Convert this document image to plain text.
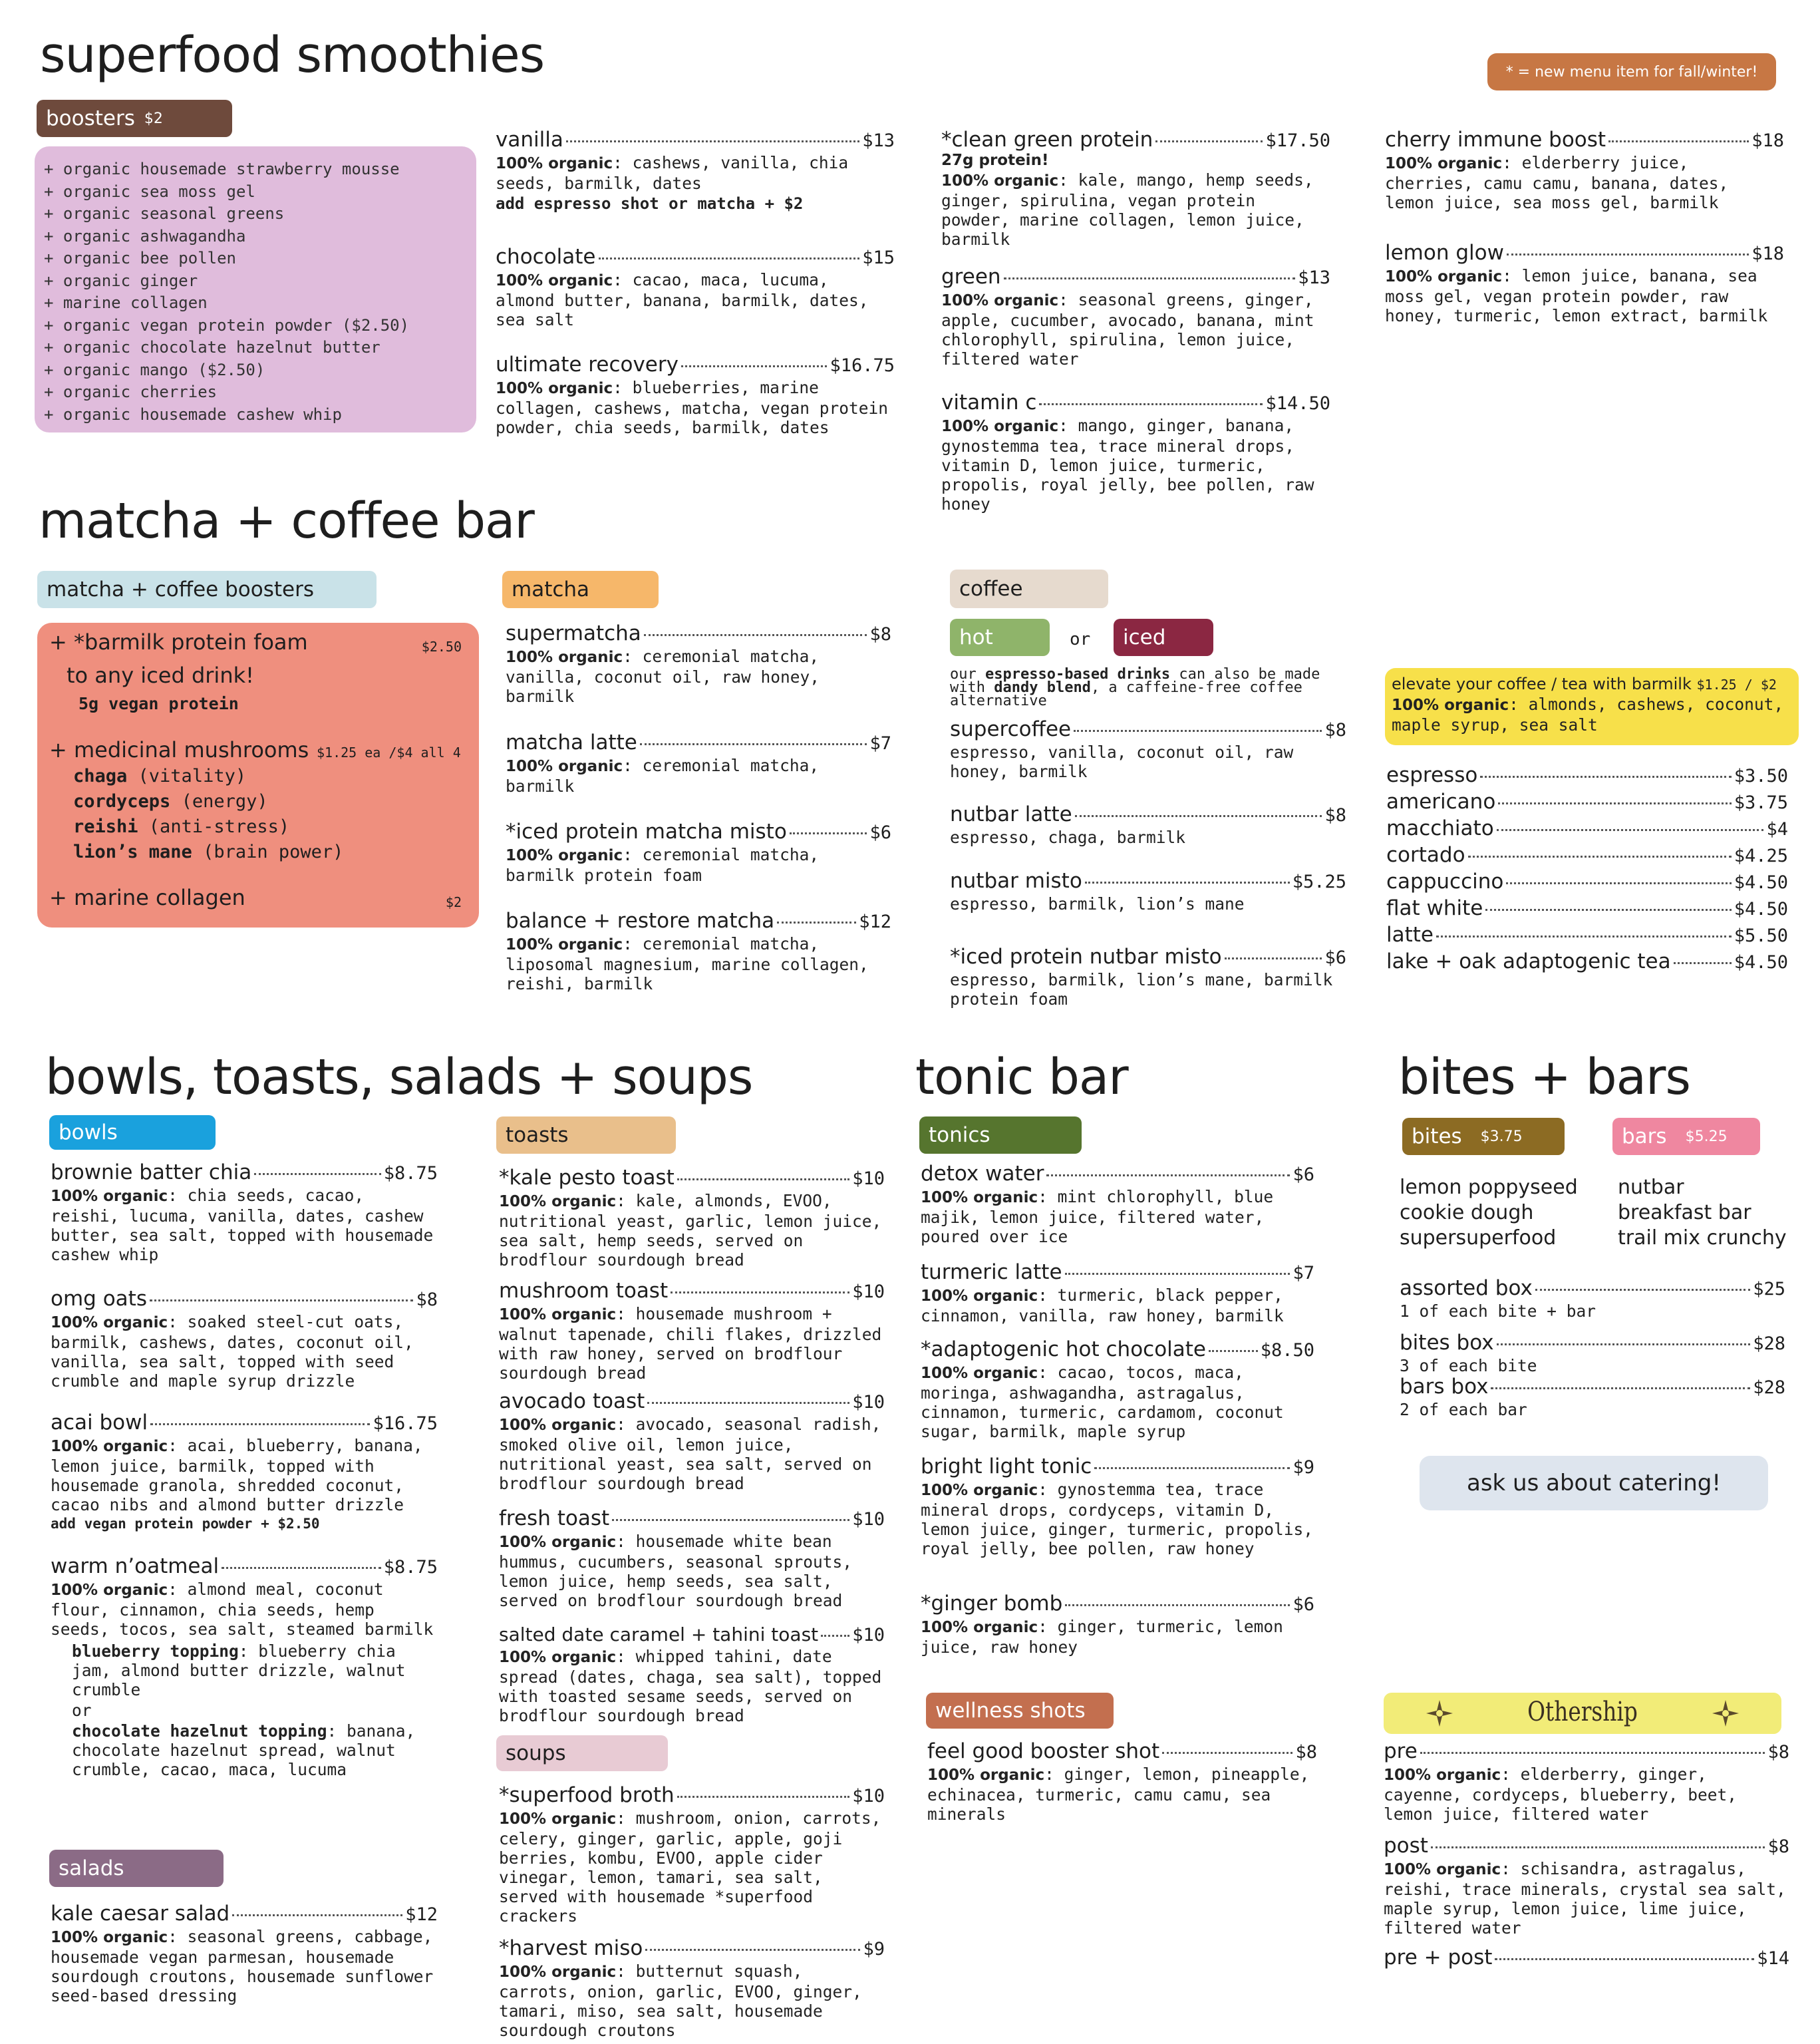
superfood smoothies	* = new menu item for fall/winter!
boosters $2
+ organic housemade strawberry mousse
+ organic sea moss gel
+ organic seasonal greens
+ organic ashwagandha
+ organic bee pollen
+ organic ginger
+ marine collagen
+ organic vegan protein powder ($2.50)
+ organic chocolate hazelnut butter
+ organic mango ($2.50)
+ organic cherries
+ organic housemade cashew whip
vanilla	$13
100% organic: cashews, vanilla, chia seeds, barmilk, dates
add espresso shot or matcha + $2
chocolate	$15
100% organic: cacao, maca, lucuma, almond butter, banana, barmilk, dates, sea salt
ultimate recovery	$16.75
100% organic: blueberries, marine collagen, cashews, matcha, vegan protein powder, chia seeds, barmilk, dates
*clean green protein	$17.50
27g protein!
100% organic: kale, mango, hemp seeds, ginger, spirulina, vegan protein powder, marine collagen, lemon juice, barmilk
green	$13
100% organic: seasonal greens, ginger, apple, cucumber, avocado, banana, mint chlorophyll, spirulina, lemon juice, filtered water
vitamin c	$14.50
100% organic: mango, ginger, banana, gynostemma tea, trace mineral drops, vitamin D, lemon juice, turmeric, propolis, royal jelly, bee pollen, raw honey
cherry immune boost	$18
100% organic: elderberry juice, cherries, camu camu, banana, dates, lemon juice, sea moss gel, barmilk
lemon glow	$18
100% organic: lemon juice, banana, sea moss gel, vegan protein powder, raw honey, turmeric, lemon extract, barmilk
matcha + coffee bar
matcha + coffee boosters
+ *barmilk protein foam	$2.50
to any iced drink!
5g vegan protein
+ medicinal mushrooms $1.25 ea /$4 all 4
chaga (vitality)
cordyceps (energy)
reishi (anti-stress)
lion’s mane (brain power)
+ marine collagen	$2
matcha
supermatcha	$8
100% organic: ceremonial matcha, vanilla, coconut oil, raw honey, barmilk
matcha latte	$7
100% organic: ceremonial matcha, barmilk
*iced protein matcha misto	$6
100% organic: ceremonial matcha, barmilk protein foam
balance + restore matcha	$12
100% organic: ceremonial matcha, liposomal magnesium, marine collagen, reishi, barmilk
coffee
hot	or iced
our espresso-based drinks can also be made with dandy blend, a caffeine-free coffee alternative
supercoffee	$8
espresso, vanilla, coconut oil, raw honey, barmilk
nutbar latte	$8
espresso, chaga, barmilk
nutbar misto	$5.25
espresso, barmilk, lion’s mane
*iced protein nutbar misto	$6
espresso, barmilk, lion’s mane, barmilk protein foam
elevate your coffee / tea with barmilk $1.25 / $2
100% organic: almonds, cashews, coconut, maple syrup, sea salt
espresso	$3.50
americano	$3.75
macchiato	$4
cortado	$4.25
cappuccino	$4.50
flat white	$4.50
latte	$5.50
lake + oak adaptogenic tea	$4.50
bowls, toasts, salads + soups
bowls
brownie batter chia	$8.75
100% organic: chia seeds, cacao, reishi, lucuma, vanilla, dates, cashew butter, sea salt, topped with housemade cashew whip
omg oats	$8
100% organic: soaked steel-cut oats, barmilk, cashews, dates, coconut oil, vanilla, sea salt, topped with seed crumble and maple syrup drizzle
acai bowl	$16.75
100% organic: acai, blueberry, banana, lemon juice, barmilk, topped with housemade granola, shredded coconut, cacao nibs and almond butter drizzle
add vegan protein powder + $2.50
warm n’oatmeal	$8.75
100% organic: almond meal, coconut flour, cinnamon, chia seeds, hemp seeds, tocos, sea salt, steamed barmilk
blueberry topping: blueberry chia jam, almond butter drizzle, walnut crumble
or
chocolate hazelnut topping: banana, chocolate hazelnut spread, walnut crumble, cacao, maca, lucuma
salads
kale caesar salad	$12
100% organic: seasonal greens, cabbage, housemade vegan parmesan, housemade sourdough croutons, housemade sunflower seed-based dressing
toasts
*kale pesto toast	$10
100% organic: kale, almonds, EVOO, nutritional yeast, garlic, lemon juice, sea salt, hemp seeds, served on brodflour sourdough bread
mushroom toast	$10
100% organic: housemade mushroom + walnut tapenade, chili flakes, drizzled with raw honey, served on brodflour sourdough bread
avocado toast	$10
100% organic: avocado, seasonal radish, smoked olive oil, lemon juice, nutritional yeast, sea salt, served on brodflour sourdough bread
fresh toast	$10
100% organic: housemade white bean hummus, cucumbers, seasonal sprouts, lemon juice, hemp seeds, sea salt, served on brodflour sourdough bread
salted date caramel + tahini toast $10
100% organic: whipped tahini, date spread (dates, chaga, sea salt), topped with toasted sesame seeds, served on brodflour sourdough bread
soups
*superfood broth	$10
100% organic: mushroom, onion, carrots, celery, ginger, garlic, apple, goji berries, kombu, EVOO, apple cider vinegar, lemon, tamari, sea salt, served with housemade *superfood crackers
*harvest miso	$9
100% organic: butternut squash, carrots, onion, garlic, EVOO, ginger, tamari, miso, sea salt, housemade sourdough croutons
tonic bar
tonics
detox water	$6
100% organic: mint chlorophyll, blue majik, lemon juice, filtered water, poured over ice
turmeric latte	$7
100% organic: turmeric, black pepper, cinnamon, vanilla, raw honey, barmilk
*adaptogenic hot chocolate	$8.50
100% organic: cacao, tocos, maca, moringa, ashwagandha, astragalus, cinnamon, turmeric, cardamom, coconut sugar, barmilk, maple syrup
bright light tonic	$9
100% organic: gynostemma tea, trace mineral drops, cordyceps, vitamin D, lemon juice, ginger, turmeric, propolis, royal jelly, bee pollen, raw honey
*ginger bomb	$6
100% organic: ginger, turmeric, lemon juice, raw honey
wellness shots
feel good booster shot	$8
100% organic: ginger, lemon, pineapple, echinacea, turmeric, camu camu, sea minerals
bites + bars
bites $3.75	bars $5.25
lemon poppyseed
cookie dough
supersuperfood
nutbar
breakfast bar
trail mix crunchy
assorted box	$25
1 of each bite + bar
bites box	$28
3 of each bite
bars box	$28
2 of each bar
ask us about catering!
Othership
pre	$8
100% organic: elderberry, ginger, cayenne, cordyceps, blueberry, beet, lemon juice, filtered water
post	$8
100% organic: schisandra, astragalus, reishi, trace minerals, crystal sea salt, maple syrup, lemon juice, lime juice, filtered water
pre + post	$14
